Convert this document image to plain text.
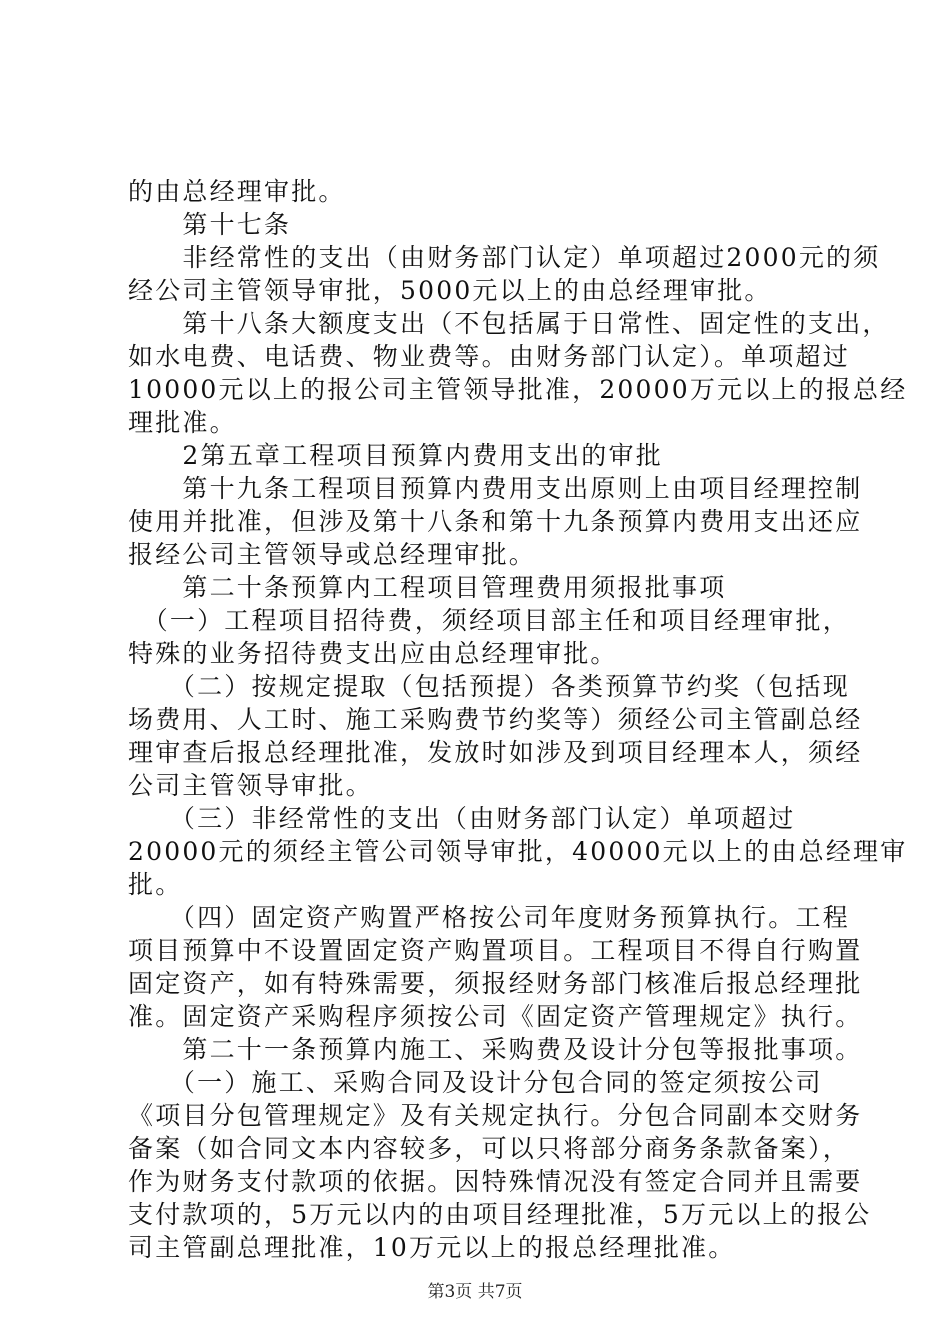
的由总经理审批。
　　第十七条
　　非经常性的支出（由财务部门认定）单项超过2000元的须
经公司主管领导审批，5000元以上的由总经理审批。
　　第十八条大额度支出（不包括属于日常性、固定性的支出，
如水电费、电话费、物业费等。由财务部门认定）。单项超过
10000元以上的报公司主管领导批准，20000万元以上的报总经
理批准。
　　2第五章工程项目预算内费用支出的审批
　　第十九条工程项目预算内费用支出原则上由项目经理控制
使用并批准，但涉及第十八条和第十九条预算内费用支出还应
报经公司主管领导或总经理审批。
　　第二十条预算内工程项目管理费用须报批事项
　（一）工程项目招待费，须经项目部主任和项目经理审批，
特殊的业务招待费支出应由总经理审批。
　　（二）按规定提取（包括预提）各类预算节约奖（包括现
场费用、人工时、施工采购费节约奖等）须经公司主管副总经
理审查后报总经理批准，发放时如涉及到项目经理本人，须经
公司主管领导审批。
　　（三）非经常性的支出（由财务部门认定）单项超过
20000元的须经主管公司领导审批，40000元以上的由总经理审
批。
　　（四）固定资产购置严格按公司年度财务预算执行。工程
项目预算中不设置固定资产购置项目。工程项目不得自行购置
固定资产，如有特殊需要，须报经财务部门核准后报总经理批
准。固定资产采购程序须按公司《固定资产管理规定》执行。
　　第二十一条预算内施工、采购费及设计分包等报批事项。
　　（一）施工、采购合同及设计分包合同的签定须按公司
《项目分包管理规定》及有关规定执行。分包合同副本交财务
备案（如合同文本内容较多，可以只将部分商务条款备案），
作为财务支付款项的依据。因特殊情况没有签定合同并且需要
支付款项的，5万元以内的由项目经理批准，5万元以上的报公
司主管副总理批准，10万元以上的报总经理批准。
第3页 共7页
